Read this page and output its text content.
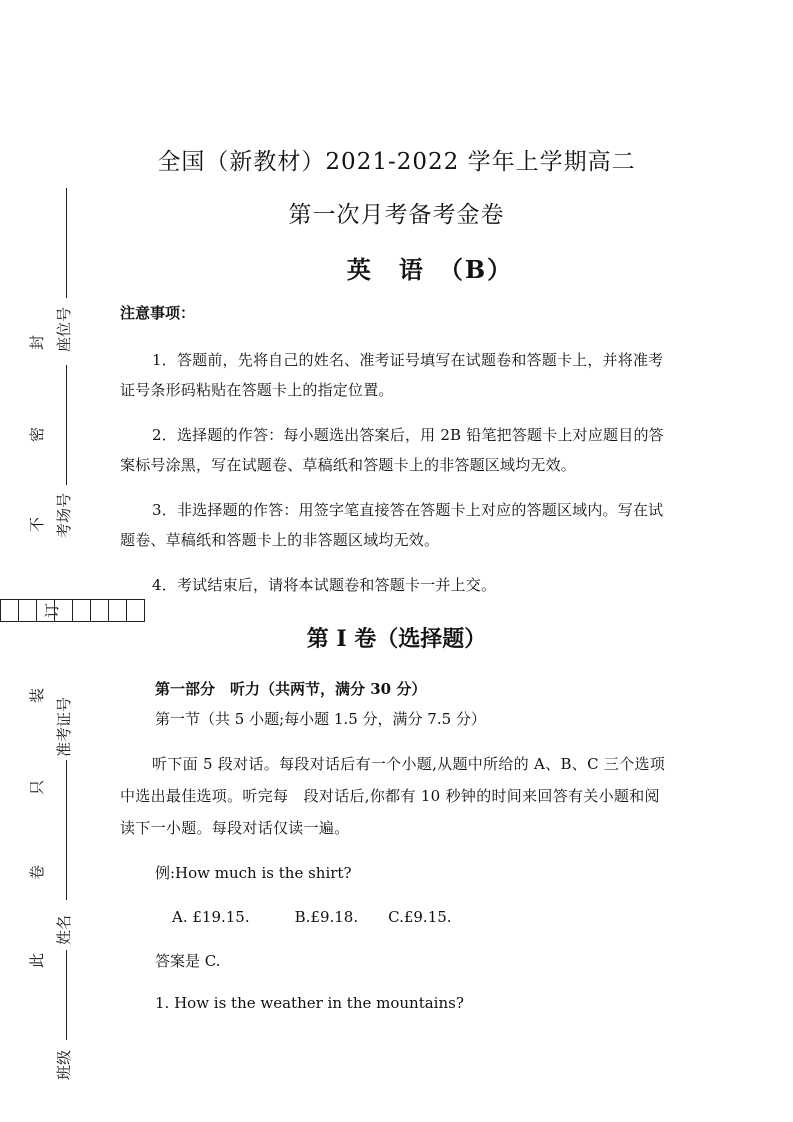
全国（新教材）2021-2022 学年上学期高二
第一次月考备考金卷
英　语　（B）
注意事项：
1．答题前，先将自己的姓名、准考证号填写在试题卷和答题卡上，并将准考证号条形码粘贴在答题卡上的指定位置。
2．选择题的作答：每小题选出答案后，用 2B 铅笔把答题卡上对应题目的答案标号涂黑，写在试题卷、草稿纸和答题卡上的非答题区域均无效。
3．非选择题的作答：用签字笔直接答在答题卡上对应的答题区域内。写在试题卷、草稿纸和答题卡上的非答题区域均无效。
4．考试结束后，请将本试题卷和答题卡一并上交。
第 I 卷（选择题）
第一部分　听力（共两节，满分 30 分）
第一节（共 5 小题;每小题 1.5 分，满分 7.5 分）
听下面 5 段对话。每段对话后有一个小题,从题中所给的 A、B、C 三个选项中选出最佳选项。听完每　段对话后,你都有 10 秒钟的时间来回答有关小题和阅读下一小题。每段对话仅读一遍。
例:How much is the shirt?
A. £19.15.　　　B.£9.18.　　C.£9.15.
答案是 C.
1. How is the weather in the mountains?
座位号
考场号
准考证号
姓名
班级
封
密
不
订
装
只
卷
此
